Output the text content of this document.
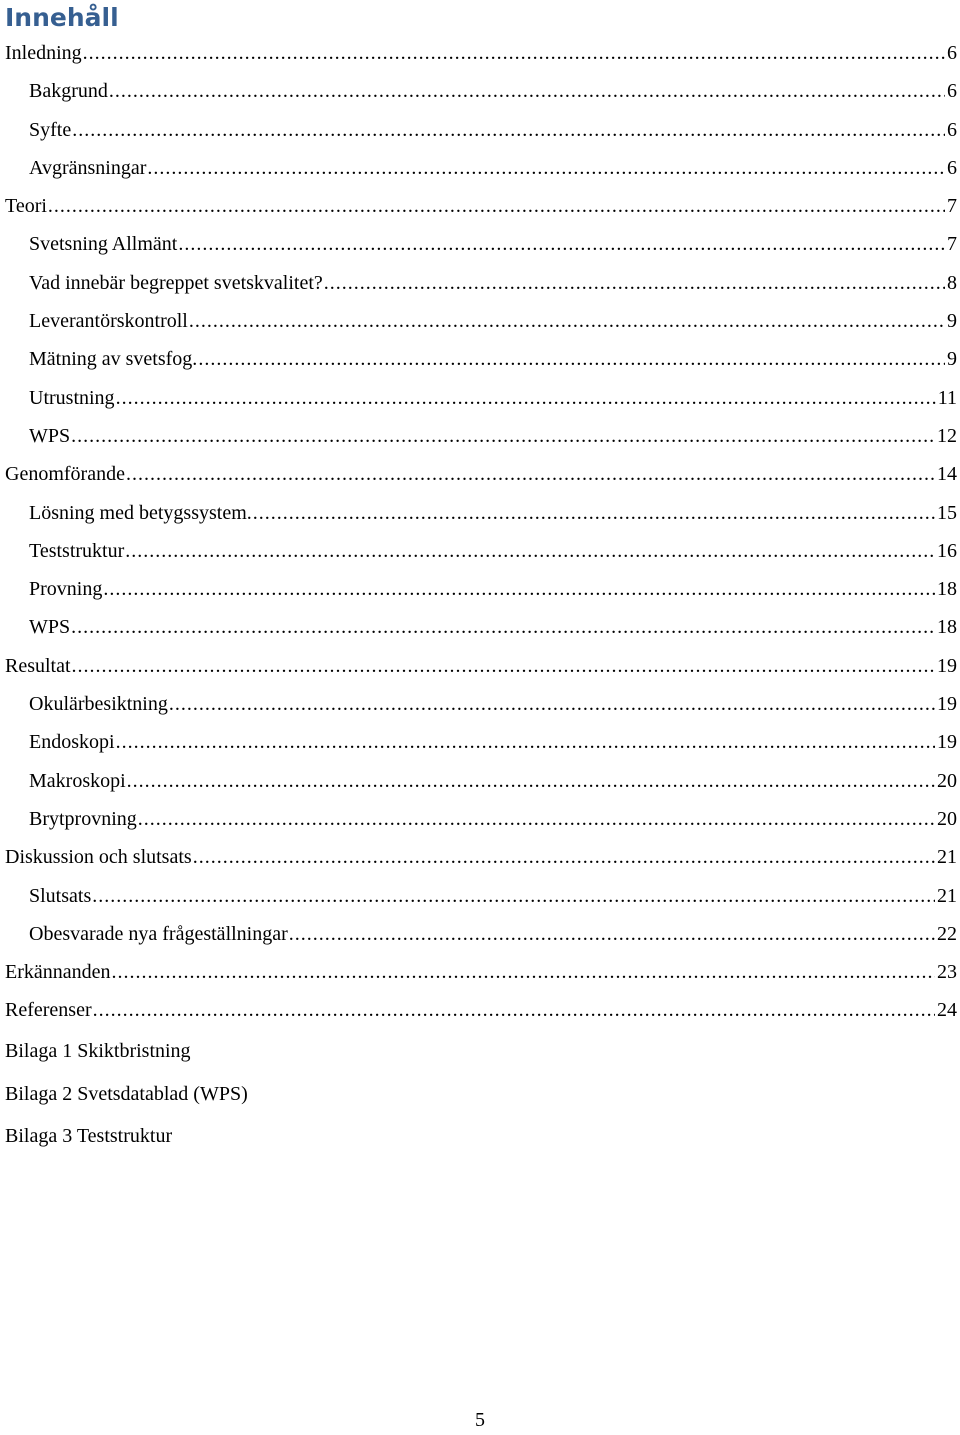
Innehåll
Inledning .....	6
Bakgrund .....	6
Syfte .....	6
Avgränsningar .....	6
Teori .....	7
Svetsning Allmänt .....	7
Vad innebär begreppet svetskvalitet? .....	8
Leverantörskontroll .....	9
Mätning av svetsfog. .....	9
Utrustning .....	11
WPS .....	12
Genomförande .....	14
Lösning med betygssystem. .....	15
Teststruktur .....	16
Provning .....	18
WPS .....	18
Resultat .....	19
Okulärbesiktning .....	19
Endoskopi .....	19
Makroskopi .....	20
Brytprovning .....	20
Diskussion och slutsats .....	21
Slutsats .....	21
Obesvarade nya frågeställningar .....	22
Erkännanden .....	23
Referenser .....	24
Bilaga 1 Skiktbristning
Bilaga 2 Svetsdatablad (WPS)
Bilaga 3 Teststruktur
5
